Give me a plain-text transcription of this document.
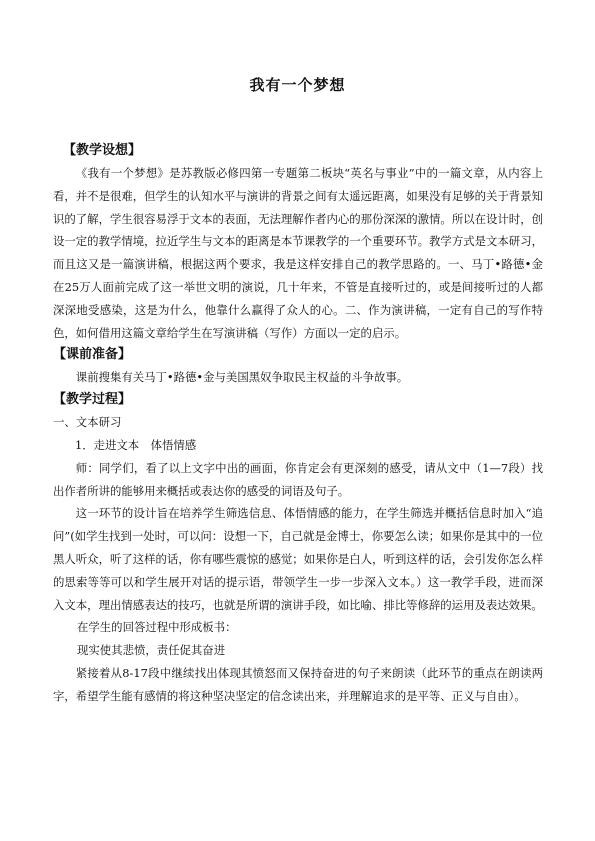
我有一个梦想
【教学设想】

《我有一个梦想》是苏教版必修四第一专题第二板块“英名与事业”中的一篇文章，从内容上看，并不是很难，但学生的认知水平与演讲的背景之间有太遥远距离，如果没有足够的关于背景知识的了解，学生很容易浮于文本的表面，无法理解作者内心的那份深深的激情。所以在设计时，创设一定的教学情境，拉近学生与文本的距离是本节课教学的一个重要环节。教学方式是文本研习，而且这又是一篇演讲稿，根据这两个要求，我是这样安排自己的教学思路的。一、马丁•路德•金在25万人面前完成了这一举世文明的演说，几十年来，不管是直接听过的，或是间接听过的人都深深地受感染，这是为什么，他靠什么赢得了众人的心。二、作为演讲稿，一定有自己的写作特色，如何借用这篇文章给学生在写演讲稿（写作）方面以一定的启示。

【课前准备】

课前搜集有关马丁•路德•金与美国黑奴争取民主权益的斗争故事。

【教学过程】

一、文本研习

1．走进文本　体悟情感

师：同学们，看了以上文字中出的画面，你肯定会有更深刻的感受，请从文中（1—7段）找出作者所讲的能够用来概括或表达你的感受的词语及句子。

这一环节的设计旨在培养学生筛选信息、体悟情感的能力，在学生筛选并概括信息时加入“追问”(如学生找到一处时，可以问：设想一下，自己就是金博士，你要怎么读；如果你是其中的一位黑人听众，听了这样的话，你有哪些震惊的感觉；如果你是白人，听到这样的话，会引发你怎么样的思索等等可以和学生展开对话的提示语，带领学生一步一步深入文本。）这一教学手段，进而深入文本，理出情感表达的技巧，也就是所谓的演讲手段，如比喻、排比等修辞的运用及表达效果。

在学生的回答过程中形成板书：

现实使其悲愤，责任促其奋进

紧接着从8-17段中继续找出体现其愤怒而又保持奋进的句子来朗读（此环节的重点在朗读两字，希望学生能有感情的将这种坚决坚定的信念读出来，并理解追求的是平等、正义与自由）。
